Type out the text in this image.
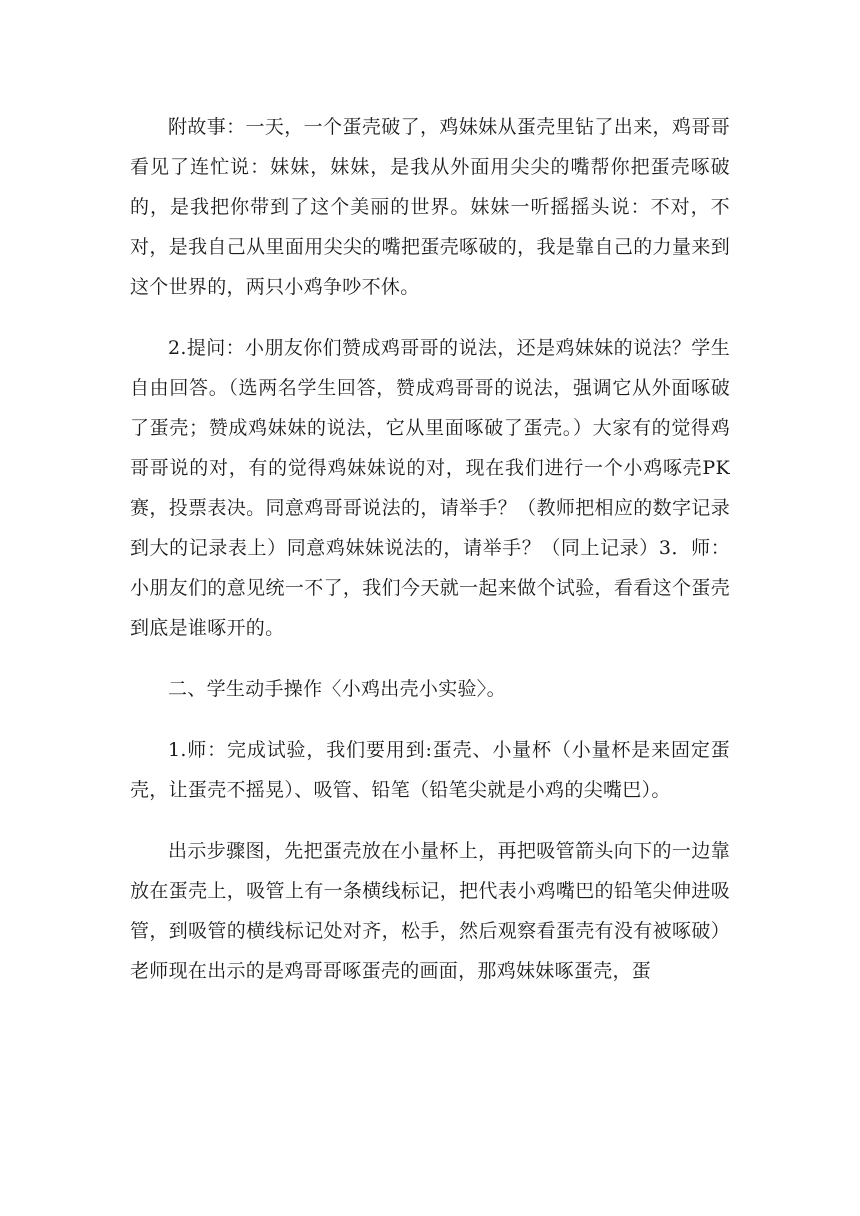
附故事：一天，一个蛋壳破了，鸡妹妹从蛋壳里钻了出来，鸡哥哥看见了连忙说：妹妹，妹妹，是我从外面用尖尖的嘴帮你把蛋壳啄破的，是我把你带到了这个美丽的世界。妹妹一听摇摇头说：不对，不对，是我自己从里面用尖尖的嘴把蛋壳啄破的，我是靠自己的力量来到这个世界的，两只小鸡争吵不休。

2.提问：小朋友你们赞成鸡哥哥的说法，还是鸡妹妹的说法？学生自由回答。（选两名学生回答，赞成鸡哥哥的说法，强调它从外面啄破了蛋壳；赞成鸡妹妹的说法，它从里面啄破了蛋壳。）大家有的觉得鸡哥哥说的对，有的觉得鸡妹妹说的对，现在我们进行一个小鸡啄壳PK赛，投票表决。同意鸡哥哥说法的，请举手？（教师把相应的数字记录到大的记录表上）同意鸡妹妹说法的，请举手？（同上记录）3．师：小朋友们的意见统一不了，我们今天就一起来做个试验，看看这个蛋壳到底是谁啄开的。

二、学生动手操作〈小鸡出壳小实验〉。

1.师：完成试验，我们要用到:蛋壳、小量杯（小量杯是来固定蛋壳，让蛋壳不摇晃）、吸管、铅笔（铅笔尖就是小鸡的尖嘴巴）。

出示步骤图，先把蛋壳放在小量杯上，再把吸管箭头向下的一边靠放在蛋壳上，吸管上有一条横线标记，把代表小鸡嘴巴的铅笔尖伸进吸管，到吸管的横线标记处对齐，松手，然后观察看蛋壳有没有被啄破）老师现在出示的是鸡哥哥啄蛋壳的画面，那鸡妹妹啄蛋壳，蛋
